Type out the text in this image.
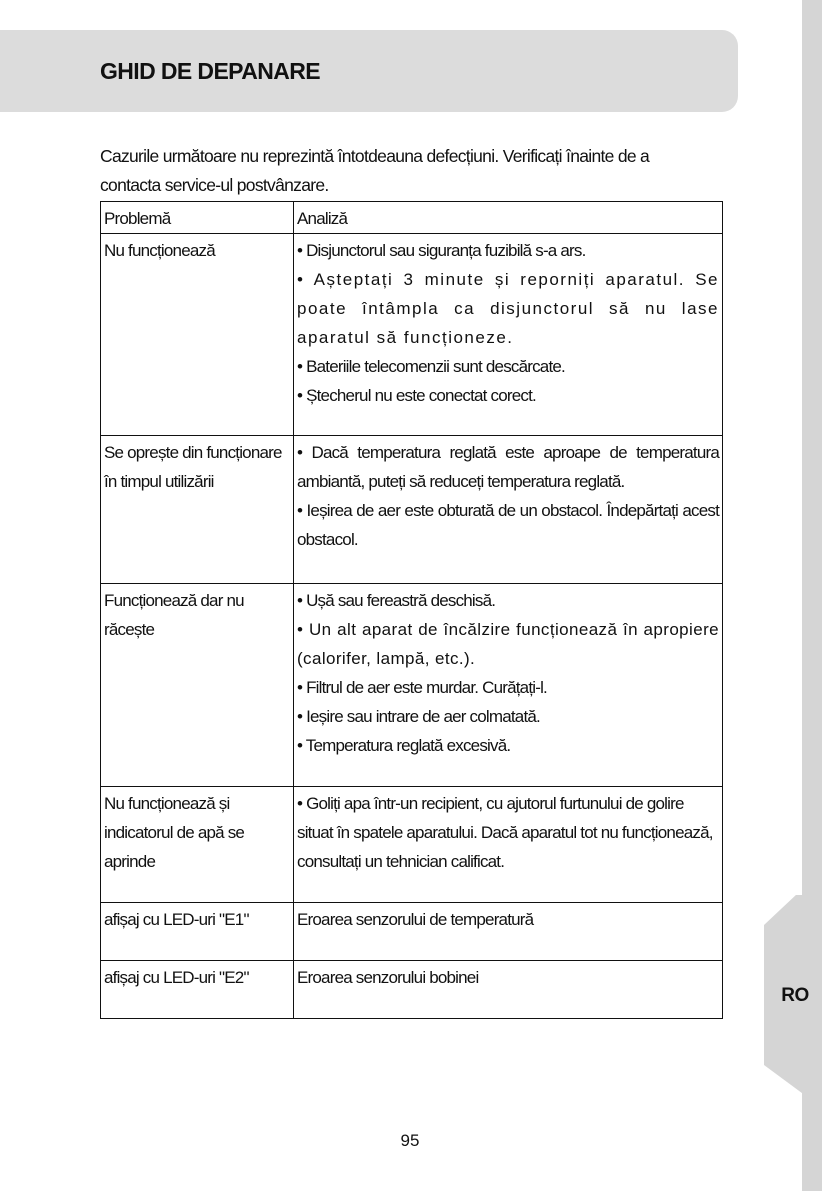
RO
GHID DE DEPANARE

Cazurile următoare nu reprezintă întotdeauna defecțiuni. Verificați înainte de a contacta service-ul postvânzare.

Problemă	Analiză
Nu funcționează	• Disjunctorul sau siguranța fuzibilă s-a ars.
• Așteptați 3 minute și reporniți aparatul. Se poate întâmpla ca disjunctorul să nu lase aparatul să funcționeze.
• Bateriile telecomenzii sunt descărcate.
• Ștecherul nu este conectat corect.

Se oprește din funcționare în timpul utilizării	• Dacă temperatura reglată este aproape de temperatura ambiantă, puteți să reduceți temperatura reglată.
• Ieșirea de aer este obturată de un obstacol. Îndepărtați acest obstacol.

Funcționează dar nu răcește	• Ușă sau fereastră deschisă.
• Un alt aparat de încălzire funcționează în apropiere (calorifer, lampă, etc.).
• Filtrul de aer este murdar. Curățați-l.
• Ieșire sau intrare de aer colmatată.
• Temperatura reglată excesivă.

Nu funcționează și indicatorul de apă se aprinde	• Goliți apa într-un recipient, cu ajutorul furtunului de golire situat în spatele aparatului. Dacă aparatul tot nu funcționează, consultați un tehnician calificat.

afișaj cu LED-uri "E1"	Eroarea senzorului de temperatură

afișaj cu LED-uri "E2"	Eroarea senzorului bobinei
95
